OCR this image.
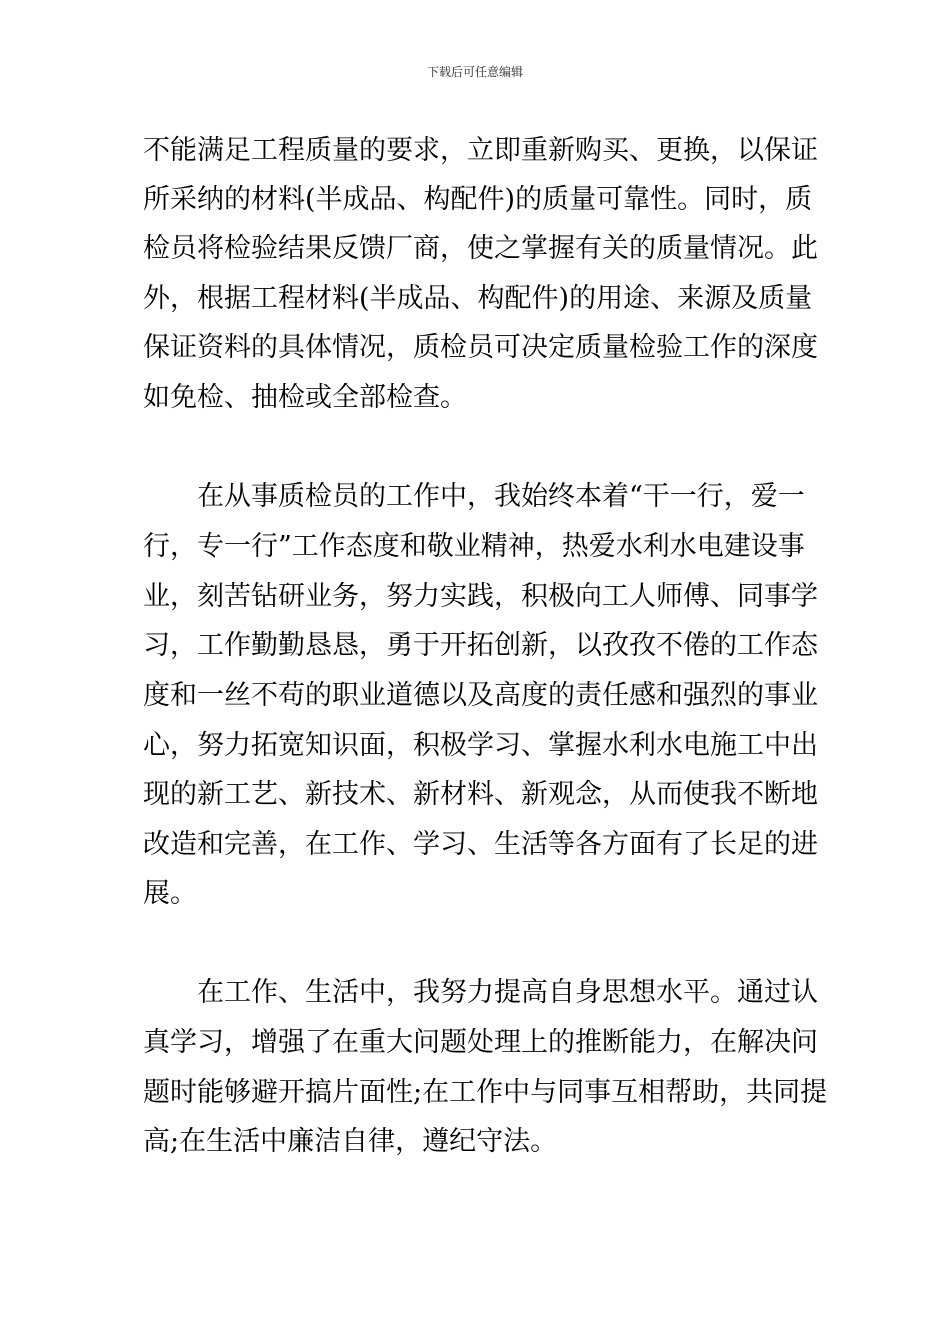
下载后可任意编辑
不能满足工程质量的要求，立即重新购买、更换，以保证
所采纳的材料(半成品、构配件)的质量可靠性。同时，质
检员将检验结果反馈厂商，使之掌握有关的质量情况。此
外，根据工程材料(半成品、构配件)的用途、来源及质量
保证资料的具体情况，质检员可决定质量检验工作的深度
如免检、抽检或全部检查。
在从事质检员的工作中，我始终本着“干一行，爱一
行，专一行”工作态度和敬业精神，热爱水利水电建设事
业，刻苦钻研业务，努力实践，积极向工人师傅、同事学
习，工作勤勤恳恳，勇于开拓创新，以孜孜不倦的工作态
度和一丝不苟的职业道德以及高度的责任感和强烈的事业
心，努力拓宽知识面，积极学习、掌握水利水电施工中出
现的新工艺、新技术、新材料、新观念，从而使我不断地
改造和完善，在工作、学习、生活等各方面有了长足的进
展。
在工作、生活中，我努力提高自身思想水平。通过认
真学习，增强了在重大问题处理上的推断能力，在解决问
题时能够避开搞片面性;在工作中与同事互相帮助，共同提
高;在生活中廉洁自律，遵纪守法。
